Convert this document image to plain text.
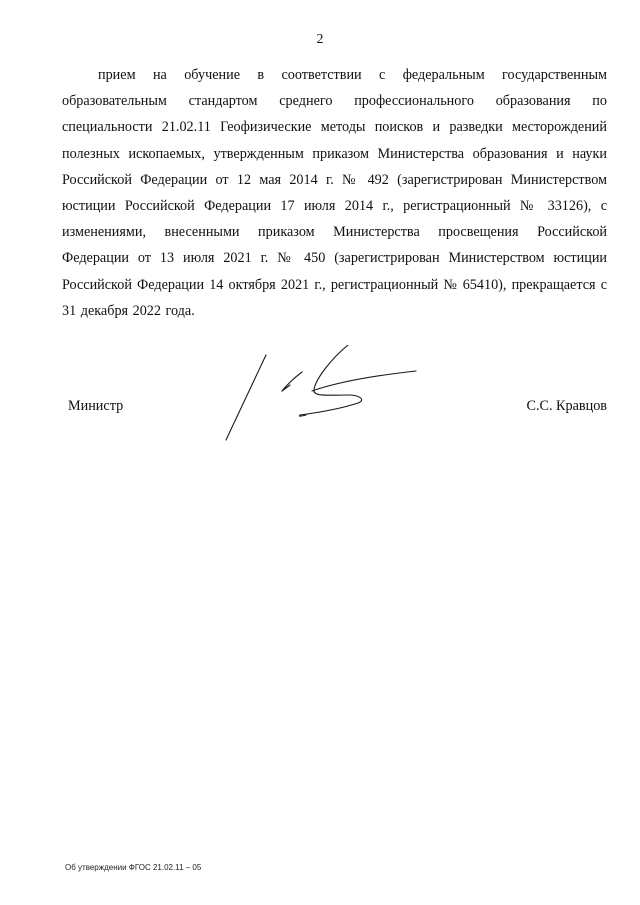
2

прием на обучение в соответствии с федеральным государственным образовательным стандартом среднего профессионального образования по специальности 21.02.11 Геофизические методы поисков и разведки месторождений полезных ископаемых, утвержденным приказом Министерства образования и науки Российской Федерации от 12 мая 2014 г. № 492 (зарегистрирован Министерством юстиции Российской Федерации 17 июля 2014 г., регистрационный № 33126), с изменениями, внесенными приказом Министерства просвещения Российской Федерации от 13 июля 2021 г. № 450 (зарегистрирован Министерством юстиции Российской Федерации 14 октября 2021 г., регистрационный № 65410), прекращается с 31 декабря 2022 года.

Министр	С.С. Кравцов
Об утверждении ФГОС 21.02.11 – 05
